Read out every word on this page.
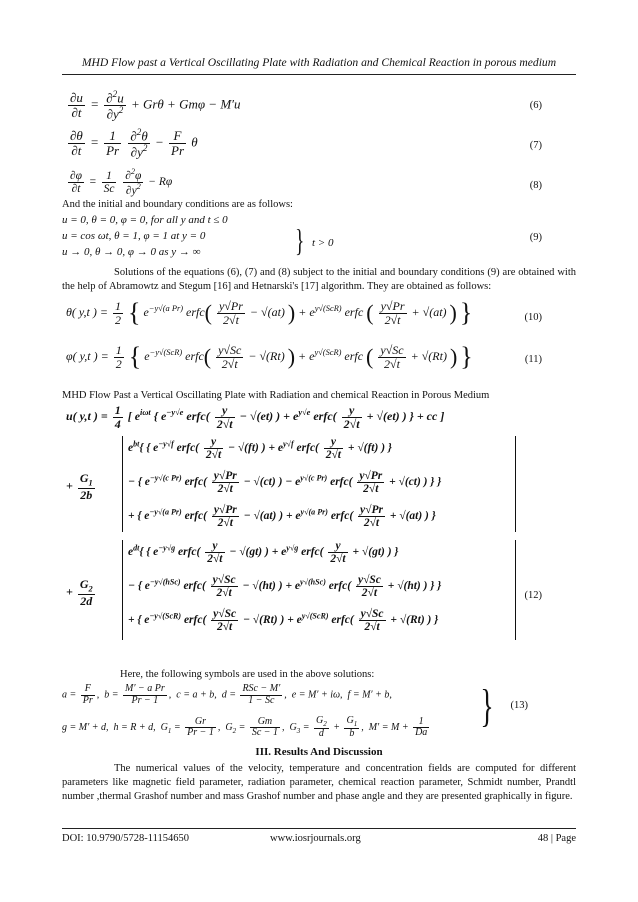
MHD Flow past a Vertical Oscillating Plate with Radiation and Chemical Reaction in porous medium
$\frac{\partial u}{\partial t} = \frac{\partial^2u}{\partial y^2} + Gr\theta + Gm\varphi - M'u$	(6)
$\frac{\partial\theta}{\partial t} = \frac{1}{Pr}$
$\frac{\partial^2\theta}{\partial y^2} - \frac{F}{Pr}$ θ	(7)
$\frac{\partial\varphi}{\partial t} = \frac{1}{Sc}$
$\frac{\partial^2\varphi}{\partial y^2} - R\varphi$	(8)
And the initial and boundary conditions are as follows:
u = 0, θ = 0, φ = 0, for all y and t ≤ 0
u = cos ωt, θ = 1, φ = 1 at y = 0
u → 0, θ → 0, φ → 0 as y → ∞	} t > 0	(9)
Solutions of the equations (6), (7) and (8) subject to the initial and boundary conditions (9) are obtained with the help of Abramowtz and Stegum [16] and Hetnarski's [17] algorithm. They are obtained as follows:
θ( y,t ) = $\frac{1}{2}$ { $e^{-y√(a Pr)}$ erfc( $\frac{y√Pr}{2√t} - √(at)$ ) + $e^{y√(ScR)}$ erfc ( $\frac{y√Pr}{2√t} + √(at)$ ) }	(10)
φ( y,t ) = $\frac{1}{2}$ { $e^{-y√(ScR)}$ erfc( $\frac{y√Sc}{2√t} - √(Rt)$ ) + $e^{y√(ScR)}$ erfc ( $\frac{y√Sc}{2√t} + √(Rt)$ ) }	(11)
MHD Flow Past a Vertical Oscillating Plate with Radiation and chemical Reaction in Porous Medium
u( y,t ) = $\frac{1}{4}$ [ $e^{i\omega t}$ { $e^{-y√e}$ erfc( $\frac{y}{2√t} - √(et)$ ) + $e^{y√e}$ erfc( $\frac{y}{2√t} + √(et)$ ) } + cc ]
+ $\frac{G_1}{2b}$
$e^{bt}${ { $e^{-y√f}$ erfc( $\frac{y}{2√t} - √(ft)$ ) + $e^{y√f}$ erfc( $\frac{y}{2√t} + √(ft)$ ) }
− { $e^{-y√(c Pr)}$ erfc( $\frac{y√Pr}{2√t} - √(ct)$ ) − $e^{y√(c Pr)}$ erfc( $\frac{y√Pr}{2√t} + √(ct)$ ) } }
+ { $e^{-y√(a Pr)}$ erfc( $\frac{y√Pr}{2√t} - √(at)$ ) + $e^{y√(a Pr)}$ erfc( $\frac{y√Pr}{2√t} + √(at)$ ) }
+ $\frac{G_2}{2d}$
$e^{dt}${ { $e^{-y√g}$ erfc( $\frac{y}{2√t} - √(gt)$ ) + $e^{y√g}$ erfc( $\frac{y}{2√t} + √(gt)$ ) }
− { $e^{-y√(hSc)}$ erfc( $\frac{y√Sc}{2√t} - √(ht)$ ) + $e^{y√(hSc)}$ erfc( $\frac{y√Sc}{2√t} + √(ht)$ ) } }
+ { $e^{-y√(ScR)}$ erfc( $\frac{y√Sc}{2√t} - √(Rt)$ ) + $e^{y√(ScR)}$ erfc( $\frac{y√Sc}{2√t} + √(Rt)$ ) }
(12)
Here, the following symbols are used in the above solutions:
$a = \frac{F}{Pr}$ ,  $b = \frac{\text{M′ − a Pr}}{Pr - 1}$ ,  c = a + b,  $d = \frac{\text{RSc − M′}}{1 - Sc}$ ,  e = M′ + iω,  f = M′ + b,
g = M′ + d,  h = R + d,  $G_1 = \frac{Gr}{Pr - 1}$ ,  $G_2 = \frac{Gm}{Sc - 1}$ ,  $G_3 = \frac{G_2}{d} + \frac{G_1}{b}$ ,  $M' = M + \frac{1}{Da}$ } (13)
III. Results And Discussion
The numerical values of the velocity, temperature and concentration fields are computed for different parameters like magnetic field parameter, radiation parameter, chemical reaction parameter, Schmidt number, Prandtl number ,thermal Grashof number and mass Grashof number and phase angle and they are presented graphically in figure.
DOI: 10.9790/5728-11154650	www.iosrjournals.org	48 | Page
